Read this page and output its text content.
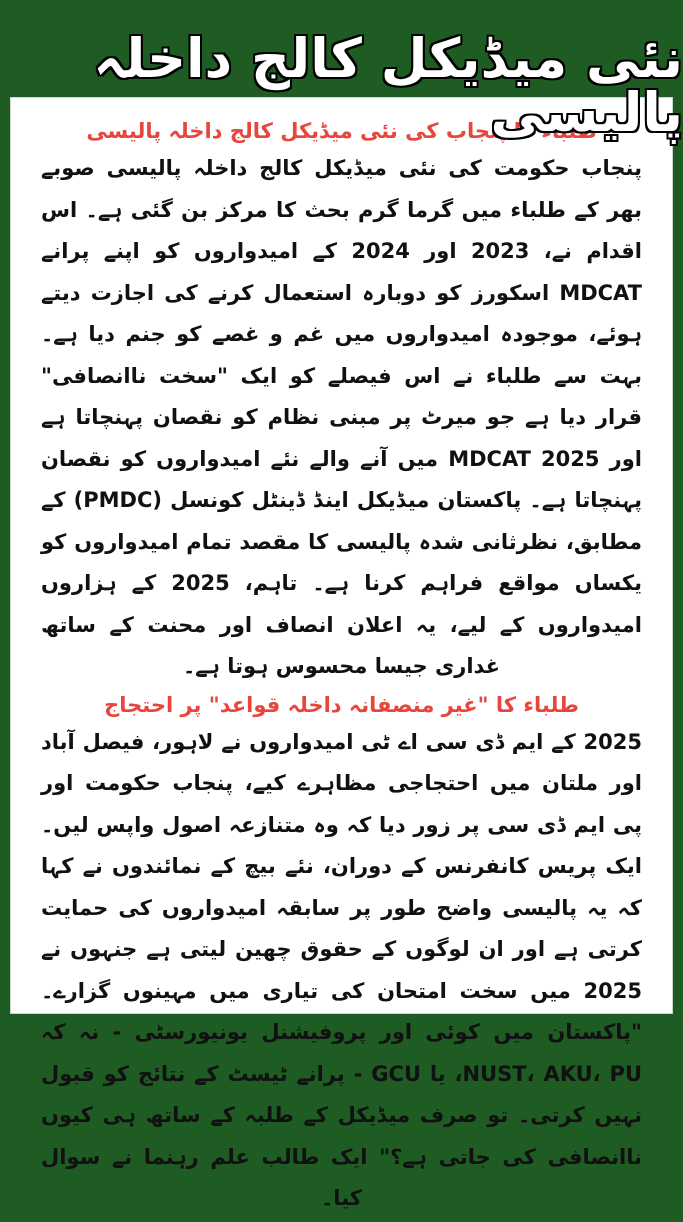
نئی میڈیکل کالج داخلہ پالیسی
طلباء کا پنجاب کی نئی میڈیکل کالج داخلہ پالیسی

پنجاب حکومت کی نئی میڈیکل کالج داخلہ پالیسی صوبے بھر کے طلباء میں گرما گرم بحث کا مرکز بن گئی ہے۔ اس اقدام نے، 2023 اور 2024 کے امیدواروں کو اپنے پرانے MDCAT اسکورز کو دوبارہ استعمال کرنے کی اجازت دیتے ہوئے، موجودہ امیدواروں میں غم و غصے کو جنم دیا ہے۔ بہت سے طلباء نے اس فیصلے کو ایک "سخت ناانصافی" قرار دیا ہے جو میرٹ پر مبنی نظام کو نقصان پہنچاتا ہے اور MDCAT 2025 میں آنے والے نئے امیدواروں کو نقصان پہنچاتا ہے۔ پاکستان میڈیکل اینڈ ڈینٹل کونسل (PMDC) کے مطابق، نظرثانی شدہ پالیسی کا مقصد تمام امیدواروں کو یکساں مواقع فراہم کرنا ہے۔ تاہم، 2025 کے ہزاروں امیدواروں کے لیے، یہ اعلان انصاف اور محنت کے ساتھ غداری جیسا محسوس ہوتا ہے۔

طلباء کا "غیر منصفانہ داخلہ قواعد" پر احتجاج

2025 کے ایم ڈی سی اے ٹی امیدواروں نے لاہور، فیصل آباد اور ملتان میں احتجاجی مظاہرے کیے، پنجاب حکومت اور پی ایم ڈی سی پر زور دیا کہ وہ متنازعہ اصول واپس لیں۔ ایک پریس کانفرنس کے دوران، نئے بیچ کے نمائندوں نے کہا کہ یہ پالیسی واضح طور پر سابقہ امیدواروں کی حمایت کرتی ہے اور ان لوگوں کے حقوق چھین لیتی ہے جنہوں نے 2025 میں سخت امتحان کی تیاری میں مہینوں گزارے۔ "پاکستان میں کوئی اور پروفیشنل یونیورسٹی - نہ کہ NUST، AKU، PU، یا GCU - پرانے ٹیسٹ کے نتائج کو قبول نہیں کرتی۔ تو صرف میڈیکل کے طلبہ کے ساتھ ہی کیوں ناانصافی کی جاتی ہے؟" ایک طالب علم رہنما نے سوال کیا۔
